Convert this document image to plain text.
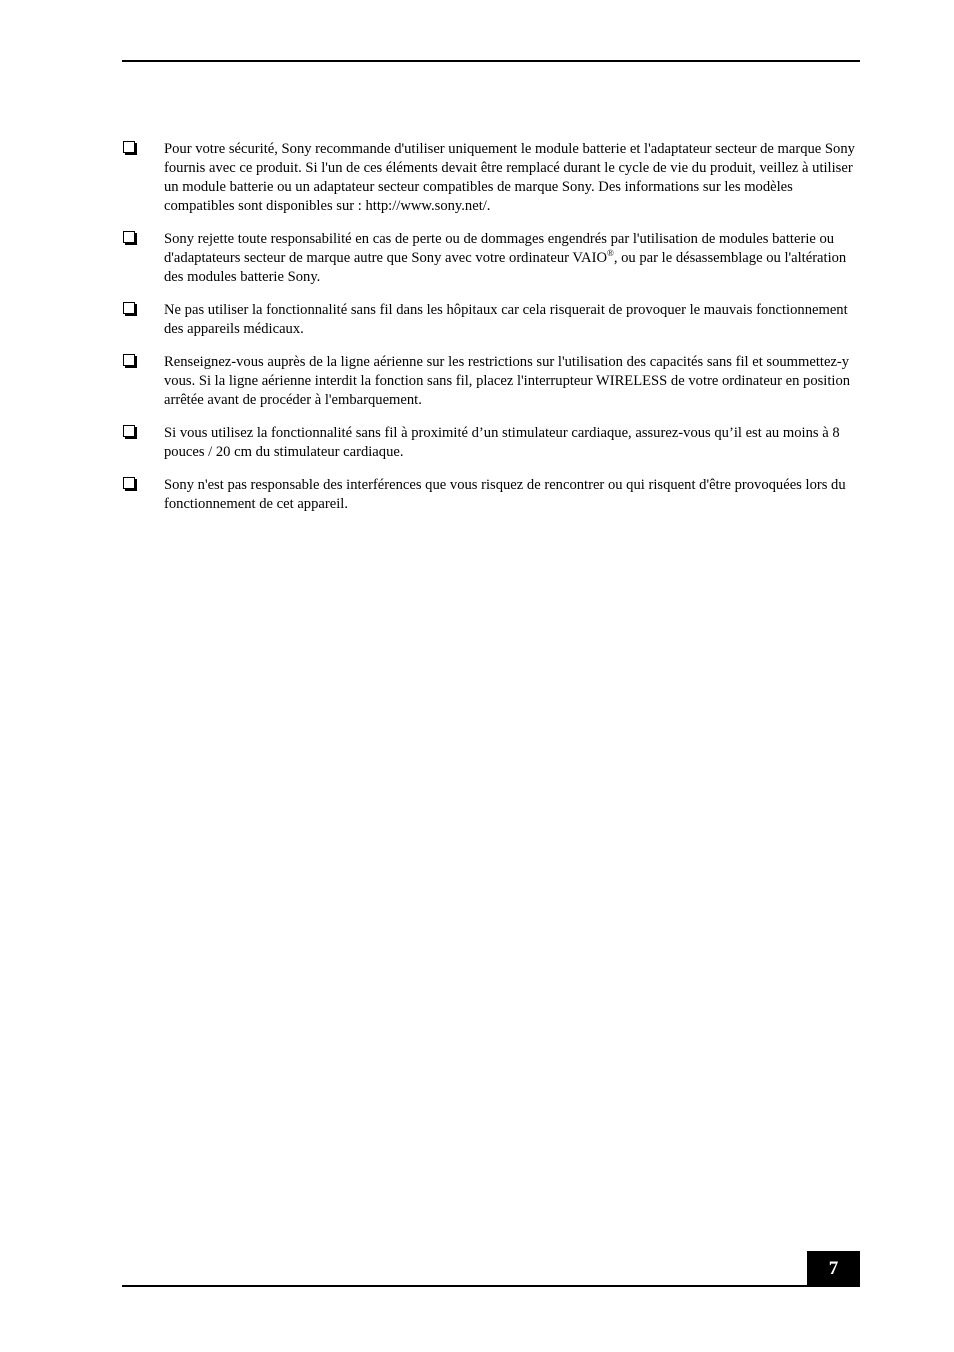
Pour votre sécurité, Sony recommande d'utiliser uniquement le module batterie et l'adaptateur secteur de marque Sony fournis avec ce produit. Si l'un de ces éléments devait être remplacé durant le cycle de vie du produit, veillez à utiliser un module batterie ou un adaptateur secteur compatibles de marque Sony. Des informations sur les modèles compatibles sont disponibles sur : http://www.sony.net/.
Sony rejette toute responsabilité en cas de perte ou de dommages engendrés par l'utilisation de modules batterie ou d'adaptateurs secteur de marque autre que Sony avec votre ordinateur VAIO®, ou par le désassemblage ou l'altération des modules batterie Sony.
Ne pas utiliser la fonctionnalité sans fil dans les hôpitaux car cela risquerait de provoquer le mauvais fonctionnement des appareils médicaux.
Renseignez-vous auprès de la ligne aérienne sur les restrictions sur l'utilisation des capacités sans fil et soummettez-y vous. Si la ligne aérienne interdit la fonction sans fil, placez l'interrupteur WIRELESS de votre ordinateur en position arrêtée avant de procéder à l'embarquement.
Si vous utilisez la fonctionnalité sans fil à proximité d’un stimulateur cardiaque, assurez-vous qu’il est au moins à 8 pouces / 20 cm du stimulateur cardiaque.
Sony n'est pas responsable des interférences que vous risquez de rencontrer ou qui risquent d'être provoquées lors du fonctionnement de cet appareil.
7
